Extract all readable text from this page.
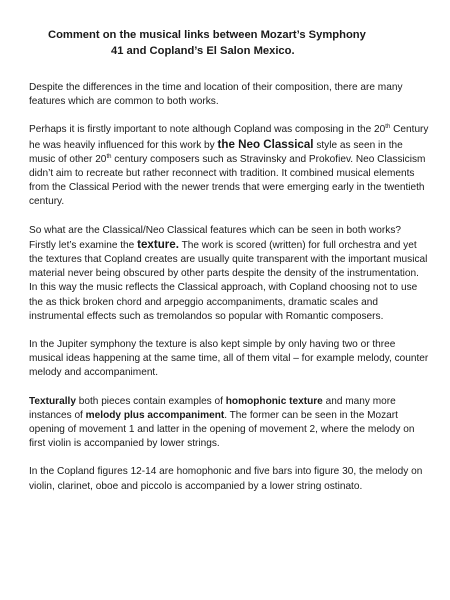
Comment on the musical links between Mozart’s Symphony
41 and Copland’s El Salon Mexico.

Despite the differences in the time and location of their composition, there are many features which are common to both works.

Perhaps it is firstly important to note although Copland was composing in the 20th Century he was heavily influenced for this work by the Neo Classical style as seen in the music of other 20th century composers such as Stravinsky and Prokofiev. Neo Classicism didn’t aim to recreate but rather reconnect with tradition. It combined musical elements from the Classical Period with the newer trends that were emerging early in the twentieth century.

So what are the Classical/Neo Classical features which can be seen in both works? Firstly let’s examine the texture. The work is scored (written) for full orchestra and yet the textures that Copland creates are usually quite transparent with the important musical material never being obscured by other parts despite the density of the instrumentation. In this way the music reflects the Classical approach, with Copland choosing not to use the as thick broken chord and arpeggio accompaniments, dramatic scales and instrumental effects such as tremolandos so popular with Romantic composers.

In the Jupiter symphony the texture is also kept simple by only having two or three musical ideas happening at the same time, all of them vital – for example melody, counter melody and accompaniment.

Texturally both pieces contain examples of homophonic texture and many more instances of melody plus accompaniment. The former can be seen in the Mozart opening of movement 1 and latter in the opening of movement 2, where the melody on first violin is accompanied by lower strings.

In the Copland figures 12-14 are homophonic and five bars into figure 30, the melody on violin, clarinet, oboe and piccolo is accompanied by a lower string ostinato.
